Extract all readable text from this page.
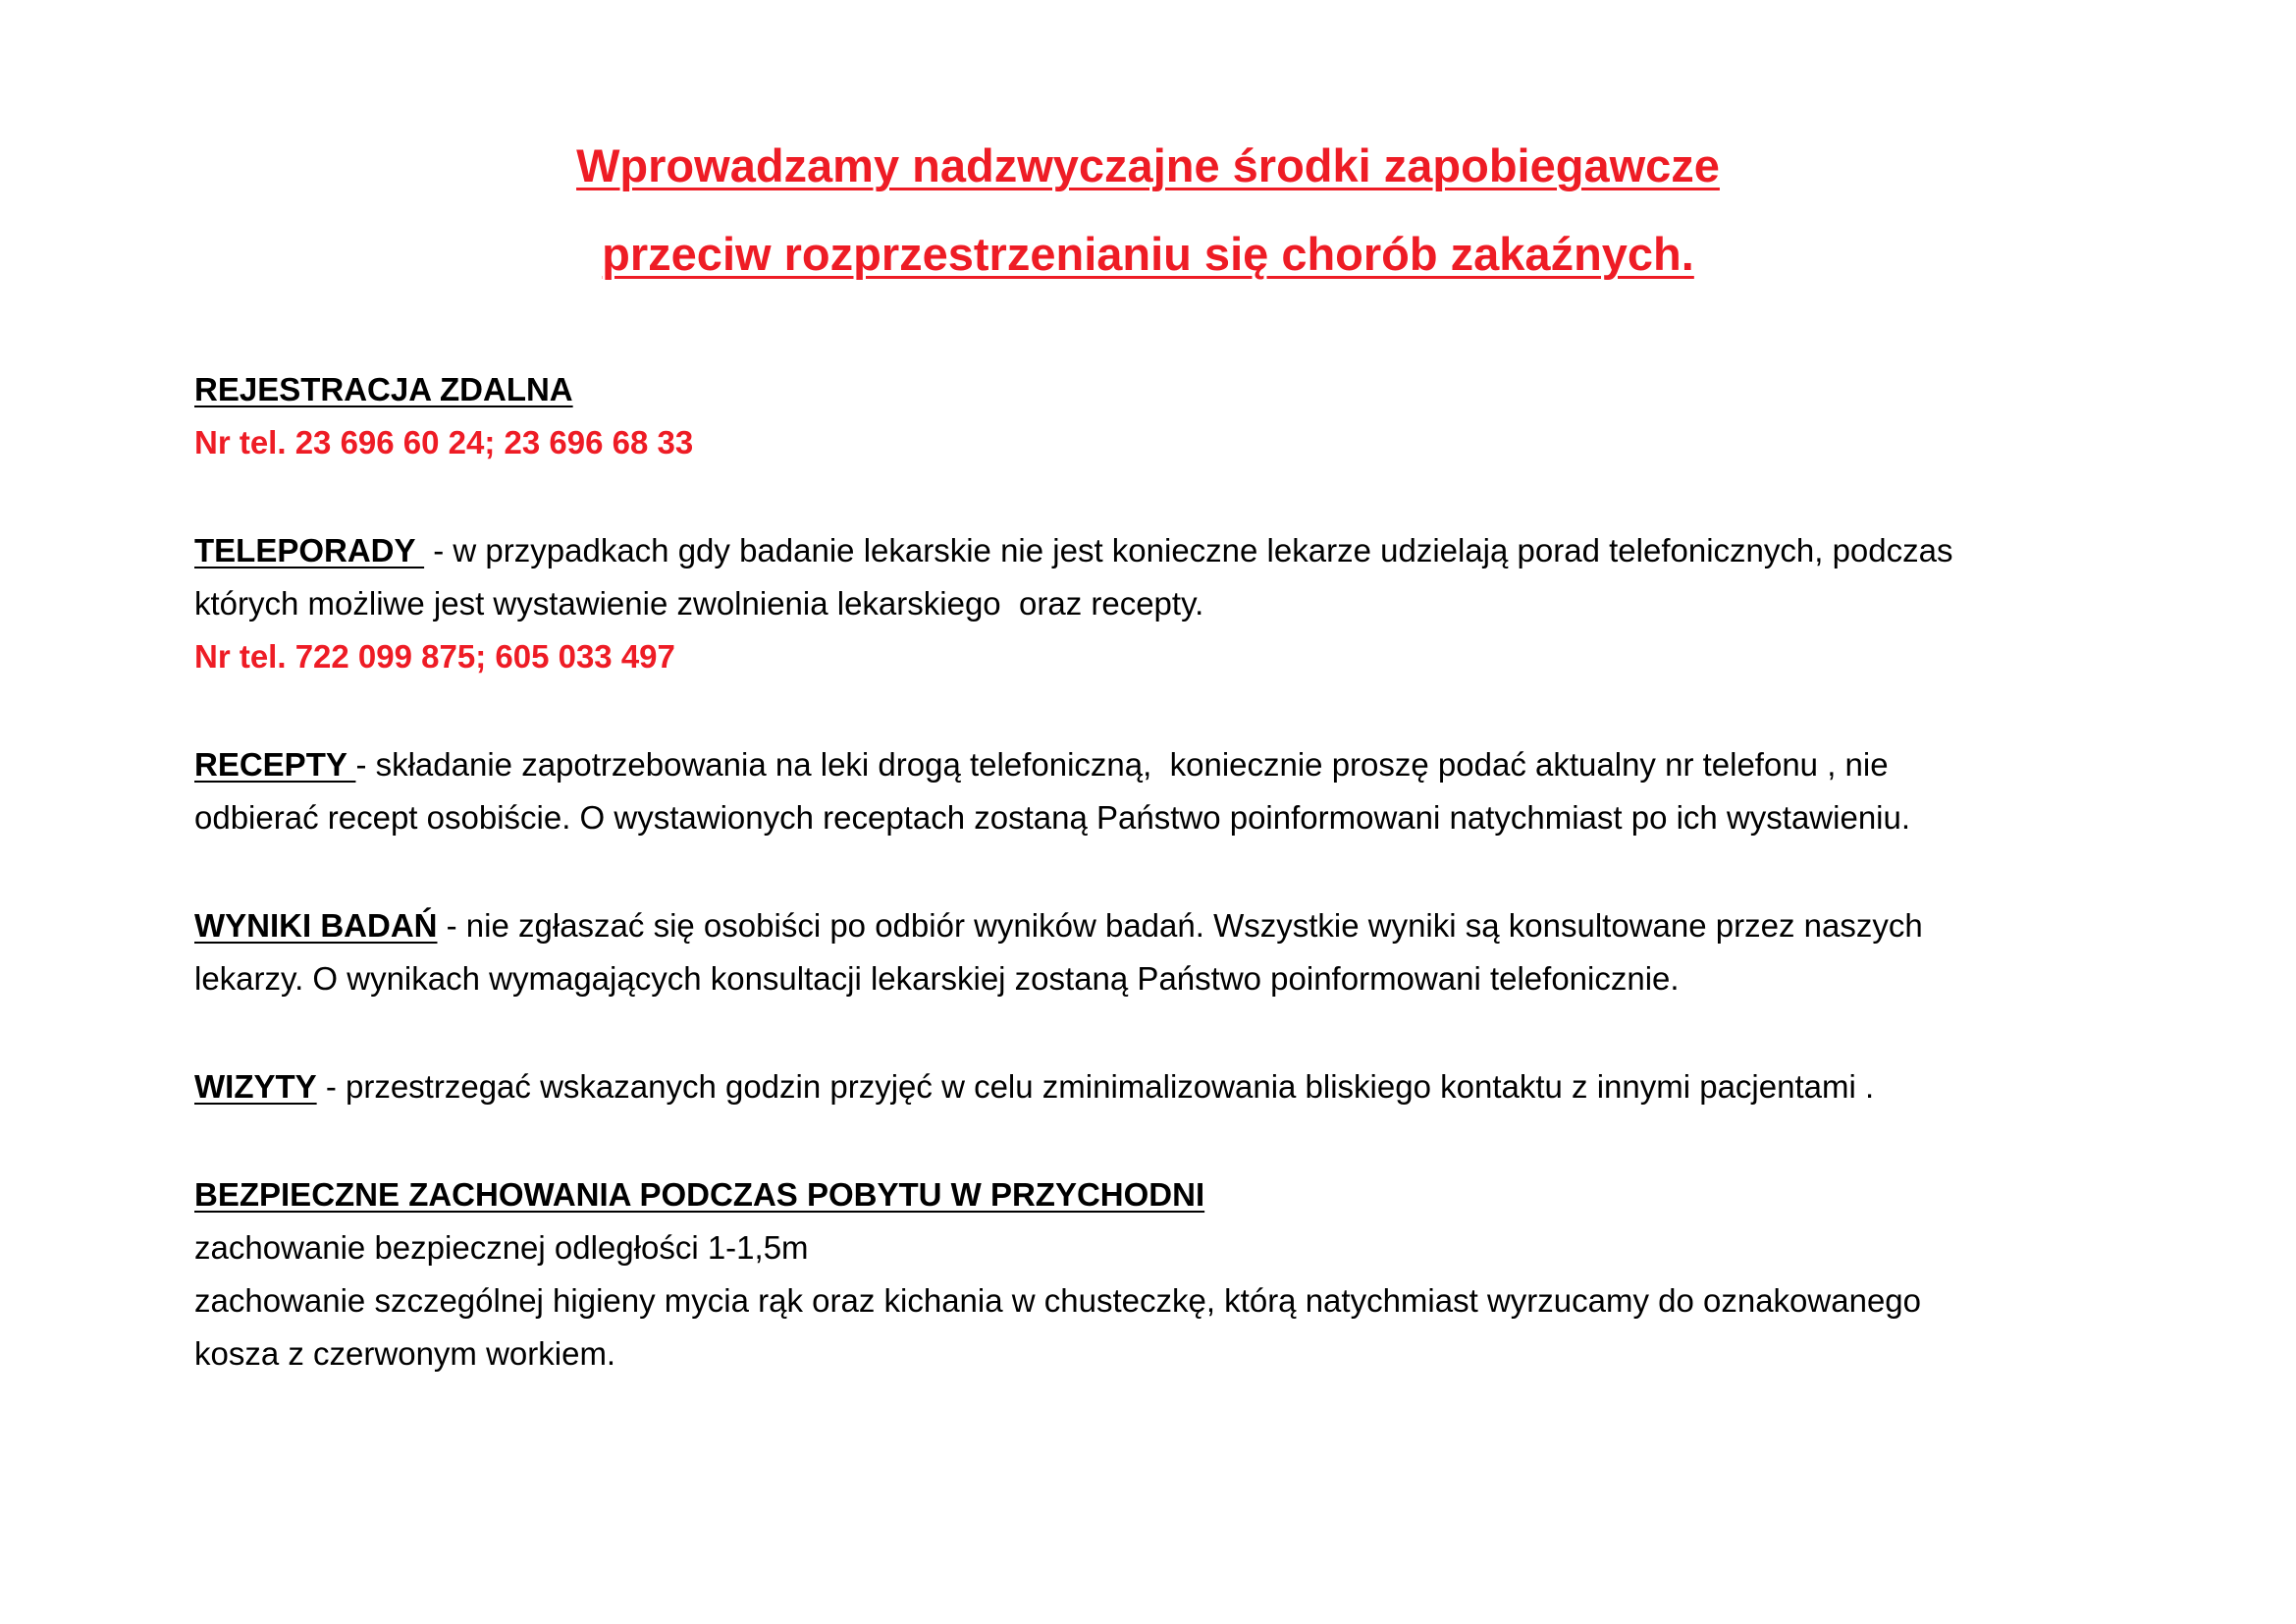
Wprowadzamy nadzwyczajne środki zapobiegawcze
przeciw rozprzestrzenianiu się chorób zakaźnych.
REJESTRACJA ZDALNA
Nr tel. 23 696 60 24; 23 696 68 33
TELEPORADY  - w przypadkach gdy badanie lekarskie nie jest konieczne lekarze udzielają porad telefonicznych, podczas
których możliwe jest wystawienie zwolnienia lekarskiego  oraz recepty.
Nr tel. 722 099 875; 605 033 497
RECEPTY - składanie zapotrzebowania na leki drogą telefoniczną,  koniecznie proszę podać aktualny nr telefonu , nie
odbierać recept osobiście. O wystawionych receptach zostaną Państwo poinformowani natychmiast po ich wystawieniu.
WYNIKI BADAŃ - nie zgłaszać się osobiści po odbiór wyników badań. Wszystkie wyniki są konsultowane przez naszych
lekarzy. O wynikach wymagających konsultacji lekarskiej zostaną Państwo poinformowani telefonicznie.
WIZYTY - przestrzegać wskazanych godzin przyjęć w celu zminimalizowania bliskiego kontaktu z innymi pacjentami .
BEZPIECZNE ZACHOWANIA PODCZAS POBYTU W PRZYCHODNI
zachowanie bezpiecznej odległości 1-1,5m
zachowanie szczególnej higieny mycia rąk oraz kichania w chusteczkę, którą natychmiast wyrzucamy do oznakowanego
kosza z czerwonym workiem.
